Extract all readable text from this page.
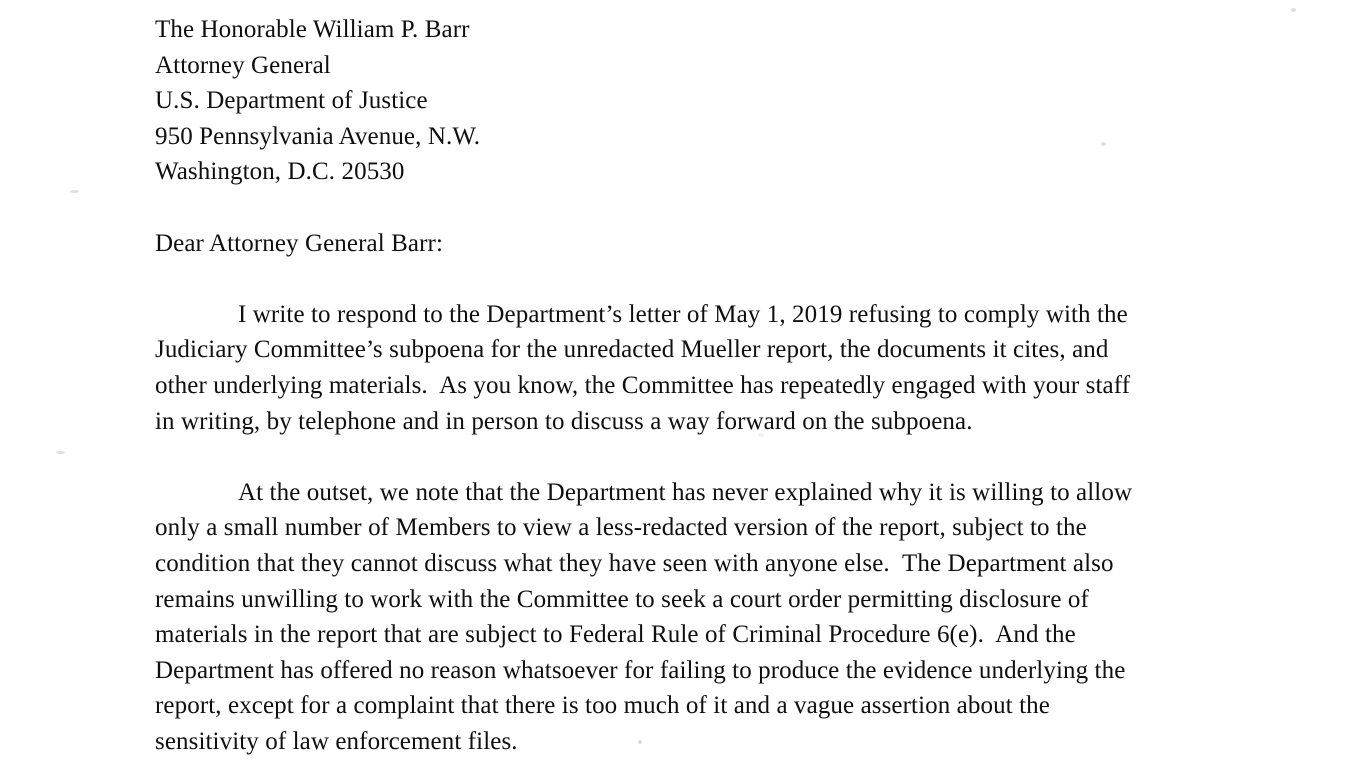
The Honorable William P. Barr
Attorney General
U.S. Department of Justice
950 Pennsylvania Avenue, N.W.
Washington, D.C. 20530
Dear Attorney General Barr:
I write to respond to the Department’s letter of May 1, 2019 refusing to comply with the
Judiciary Committee’s subpoena for the unredacted Mueller report, the documents it cites, and
other underlying materials.  As you know, the Committee has repeatedly engaged with your staff
in writing, by telephone and in person to discuss a way forward on the subpoena.
At the outset, we note that the Department has never explained why it is willing to allow
only a small number of Members to view a less-redacted version of the report, subject to the
condition that they cannot discuss what they have seen with anyone else.  The Department also
remains unwilling to work with the Committee to seek a court order permitting disclosure of
materials in the report that are subject to Federal Rule of Criminal Procedure 6(e).  And the
Department has offered no reason whatsoever for failing to produce the evidence underlying the
report, except for a complaint that there is too much of it and a vague assertion about the
sensitivity of law enforcement files.
